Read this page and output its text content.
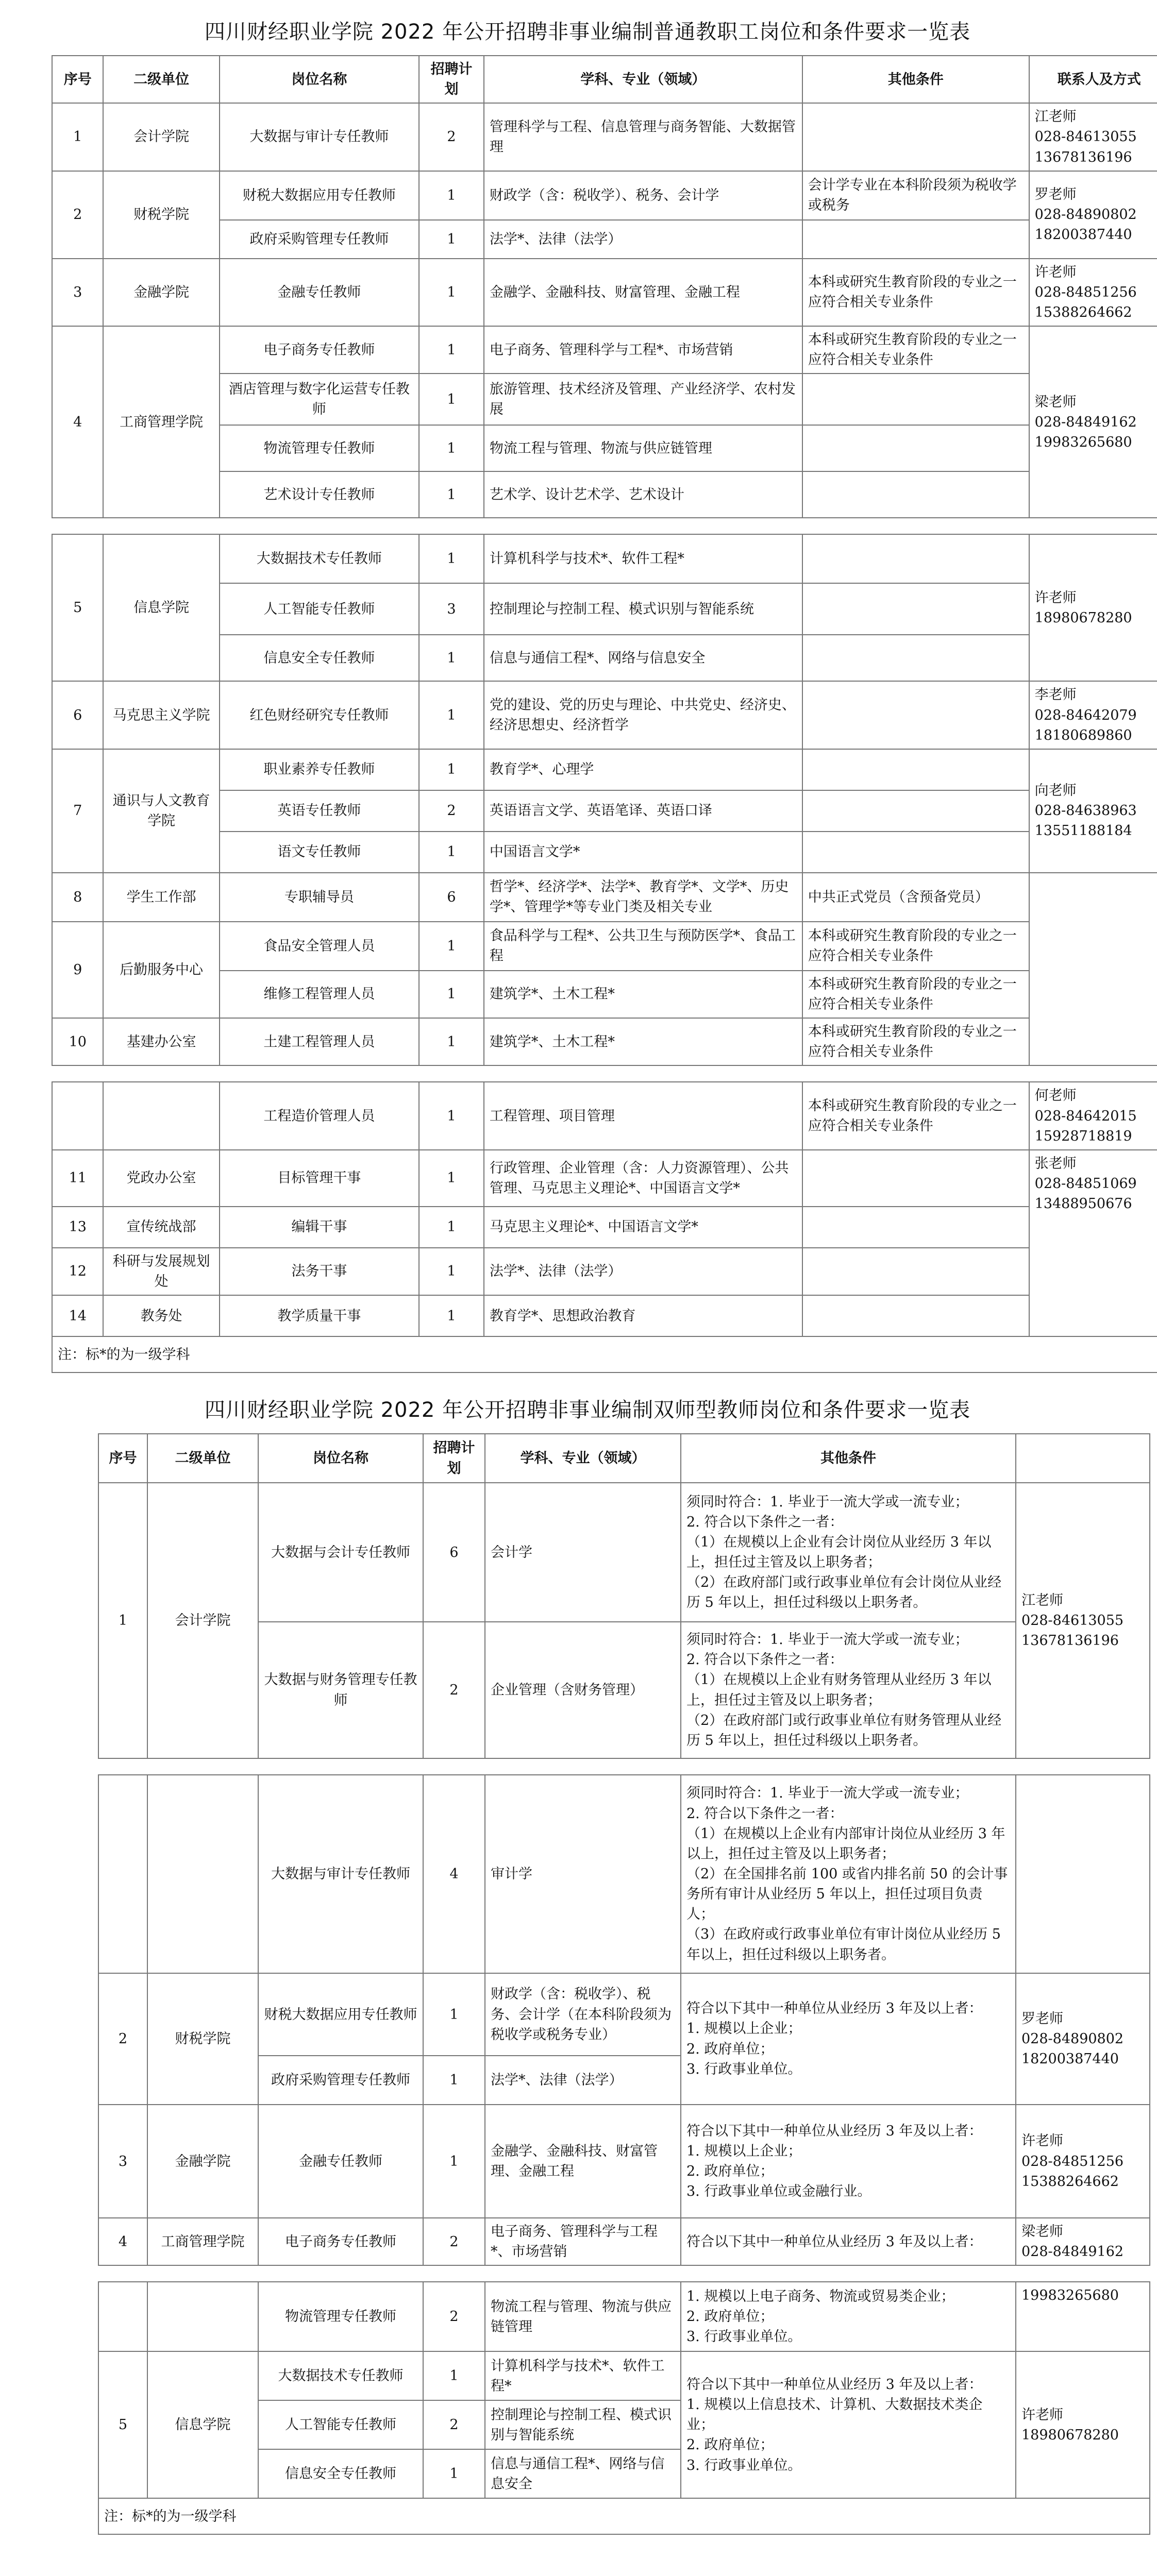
四川财经职业学院 2022 年公开招聘非事业编制普通教职工岗位和条件要求一览表
序号	二级单位	岗位名称	招聘计划	学科、专业（领域）	其他条件	联系人及方式
1	会计学院	大数据与审计专任教师	2	管理科学与工程、信息管理与商务智能、大数据管理		江老师
028-84613055
13678136196
2	财税学院	财税大数据应用专任教师	1	财政学（含：税收学）、税务、会计学	会计学专业在本科阶段须为税收学或税务	罗老师
028-84890802
18200387440
		政府采购管理专任教师	1	法学*、法律（法学）		
3	金融学院	金融专任教师	1	金融学、金融科技、财富管理、金融工程	本科或研究生教育阶段的专业之一应符合相关专业条件	许老师
028-84851256
15388264662
4	工商管理学院	电子商务专任教师	1	电子商务、管理科学与工程*、市场营销	本科或研究生教育阶段的专业之一应符合相关专业条件	梁老师
028-84849162
19983265680
		酒店管理与数字化运营专任教师	1	旅游管理、技术经济及管理、产业经济学、农村发展		
		物流管理专任教师	1	物流工程与管理、物流与供应链管理		
		艺术设计专任教师	1	艺术学、设计艺术学、艺术设计		

5	信息学院	大数据技术专任教师	1	计算机科学与技术*、软件工程*		许老师
18980678280
		人工智能专任教师	3	控制理论与控制工程、模式识别与智能系统		
		信息安全专任教师	1	信息与通信工程*、网络与信息安全		
6	马克思主义学院	红色财经研究专任教师	1	党的建设、党的历史与理论、中共党史、经济史、经济思想史、经济哲学		李老师
028-84642079
18180689860
7	通识与人文教育学院	职业素养专任教师	1	教育学*、心理学		向老师
028-84638963
13551188184
		英语专任教师	2	英语语言文学、英语笔译、英语口译		
		语文专任教师	1	中国语言文学*		
8	学生工作部	专职辅导员	6	哲学*、经济学*、法学*、教育学*、文学*、历史学*、管理学*等专业门类及相关专业	中共正式党员（含预备党员）	
9	后勤服务中心	食品安全管理人员	1	食品科学与工程*、公共卫生与预防医学*、食品工程	本科或研究生教育阶段的专业之一应符合相关专业条件	
		维修工程管理人员	1	建筑学*、土木工程*	本科或研究生教育阶段的专业之一应符合相关专业条件	
10	基建办公室	土建工程管理人员	1	建筑学*、土木工程*	本科或研究生教育阶段的专业之一应符合相关专业条件	

		工程造价管理人员	1	工程管理、项目管理	本科或研究生教育阶段的专业之一应符合相关专业条件	何老师
028-84642015
15928718819
11	党政办公室	目标管理干事	1	行政管理、企业管理（含：人力资源管理）、公共管理、马克思主义理论*、中国语言文学*		张老师
028-84851069
13488950676
13	宣传统战部	编辑干事	1	马克思主义理论*、中国语言文学*		
12	科研与发展规划处	法务干事	1	法学*、法律（法学）		
14	教务处	教学质量干事	1	教育学*、思想政治教育		
注：标*的为一级学科						
四川财经职业学院 2022 年公开招聘非事业编制双师型教师岗位和条件要求一览表
序号	二级单位	岗位名称	招聘计划	学科、专业（领域）	其他条件	
1	会计学院	大数据与会计专任教师	6	会计学	须同时符合：1. 毕业于一流大学或一流专业；
2. 符合以下条件之一者：
（1）在规模以上企业有会计岗位从业经历 3 年以上，担任过主管及以上职务者；
（2）在政府部门或行政事业单位有会计岗位从业经历 5 年以上，担任过科级以上职务者。	江老师
028-84613055
13678136196
		大数据与财务管理专任教师	2	企业管理（含财务管理）	须同时符合：1. 毕业于一流大学或一流专业；
2. 符合以下条件之一者：
（1）在规模以上企业有财务管理从业经历 3 年以上，担任过主管及以上职务者；
（2）在政府部门或行政事业单位有财务管理从业经历 5 年以上，担任过科级以上职务者。	

		大数据与审计专任教师	4	审计学	须同时符合：1. 毕业于一流大学或一流专业；
2. 符合以下条件之一者：
（1）在规模以上企业有内部审计岗位从业经历 3 年以上，担任过主管及以上职务者；
（2）在全国排名前 100 或省内排名前 50 的会计事务所有审计从业经历 5 年以上，担任过项目负责人；
（3）在政府或行政事业单位有审计岗位从业经历 5 年以上，担任过科级以上职务者。	
2	财税学院	财税大数据应用专任教师	1	财政学（含：税收学）、税务、会计学（在本科阶段须为税收学或税务专业）	符合以下其中一种单位从业经历 3 年及以上者：
1. 规模以上企业；
2. 政府单位；
3. 行政事业单位。	罗老师
028-84890802
18200387440
		政府采购管理专任教师	1	法学*、法律（法学）		
3	金融学院	金融专任教师	1	金融学、金融科技、财富管理、金融工程	符合以下其中一种单位从业经历 3 年及以上者：
1. 规模以上企业；
2. 政府单位；
3. 行政事业单位或金融行业。	许老师
028-84851256
15388264662
4	工商管理学院	电子商务专任教师	2	电子商务、管理科学与工程*、市场营销	符合以下其中一种单位从业经历 3 年及以上者：	梁老师
028-84849162

		物流管理专任教师	2	物流工程与管理、物流与供应链管理	1. 规模以上电子商务、物流或贸易类企业；
2. 政府单位；
3. 行政事业单位。	19983265680
5	信息学院	大数据技术专任教师	1	计算机科学与技术*、软件工程*	符合以下其中一种单位从业经历 3 年及以上者：
1. 规模以上信息技术、计算机、大数据技术类企业；
2. 政府单位；
3. 行政事业单位。	许老师
18980678280
		人工智能专任教师	2	控制理论与控制工程、模式识别与智能系统		
		信息安全专任教师	1	信息与通信工程*、网络与信息安全		
注：标*的为一级学科						
